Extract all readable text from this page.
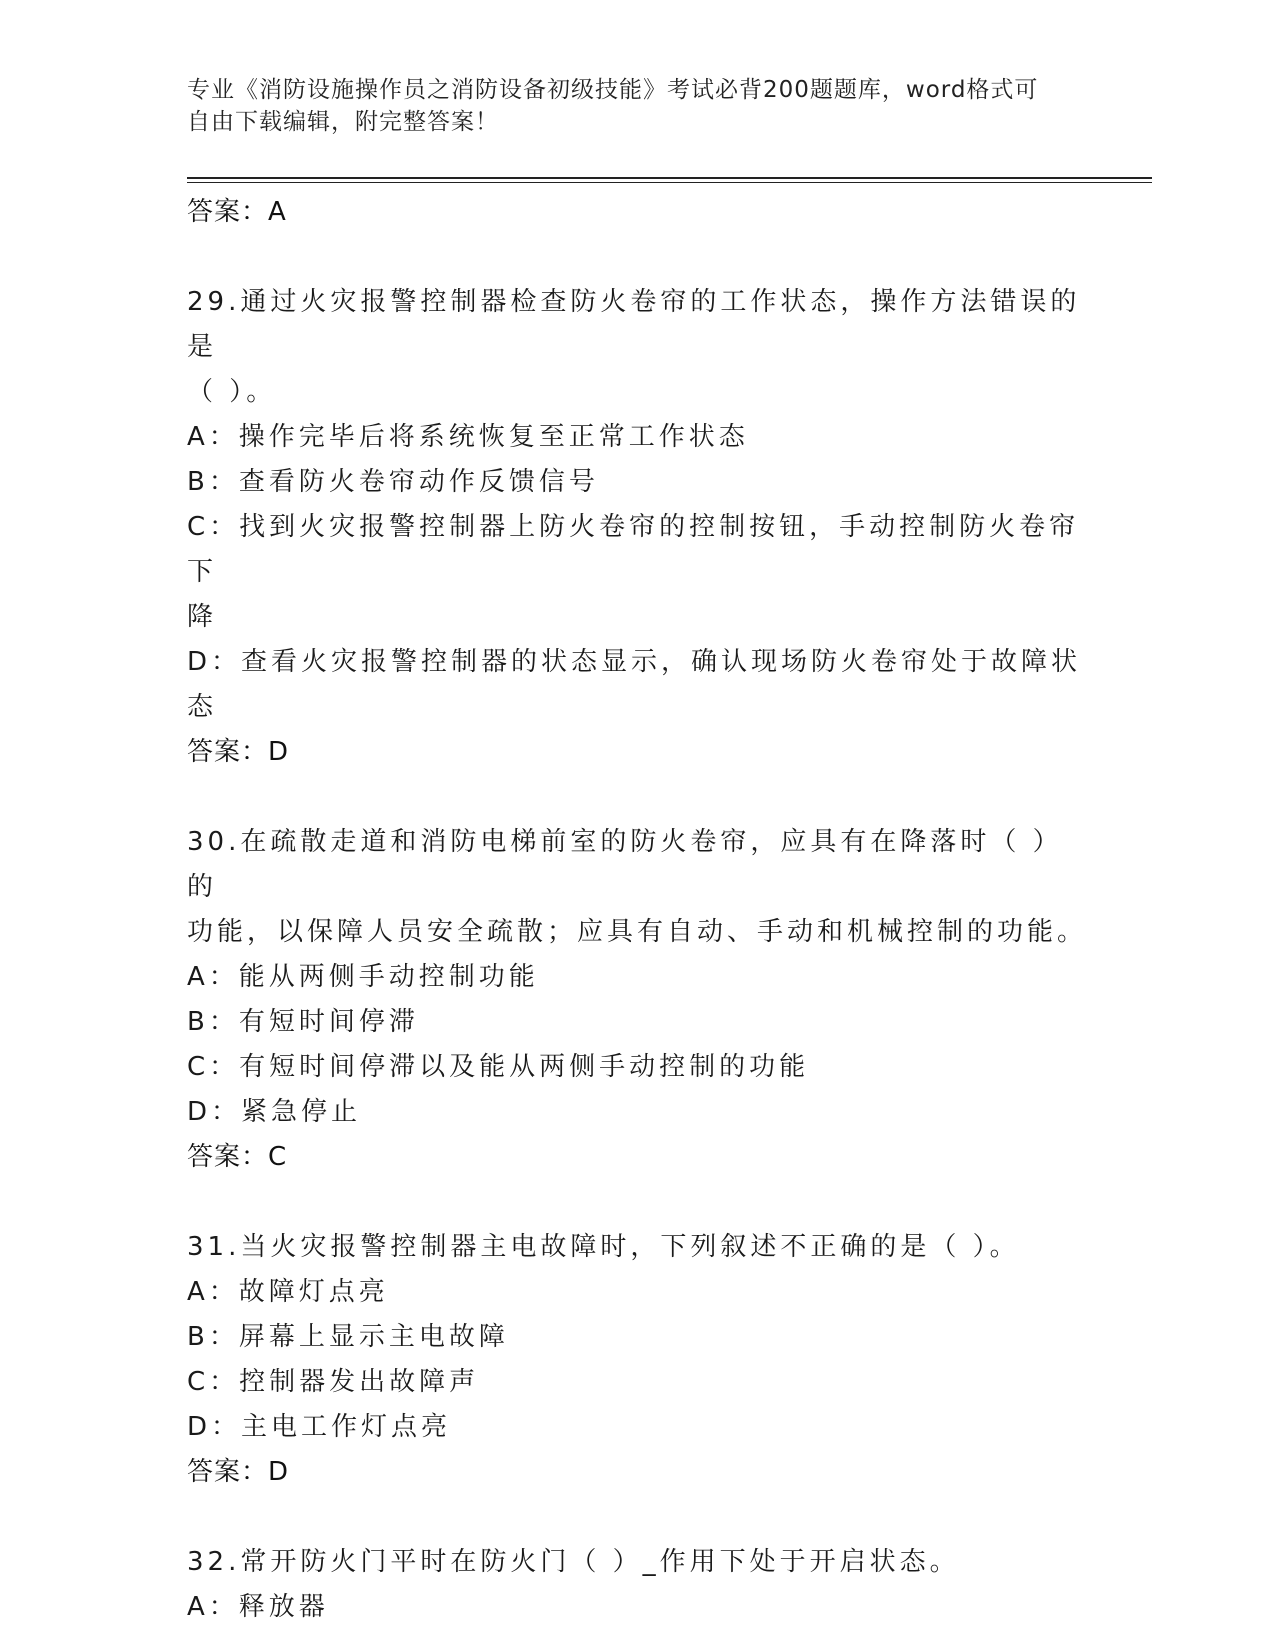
专业《消防设施操作员之消防设备初级技能》考试必背200题题库，word格式可
自由下载编辑，附完整答案！
答案：A
29.通过火灾报警控制器检查防火卷帘的工作状态，操作方法错误的是
（ ）。
A：操作完毕后将系统恢复至正常工作状态
B：查看防火卷帘动作反馈信号
C：找到火灾报警控制器上防火卷帘的控制按钮，手动控制防火卷帘下
降
D：查看火灾报警控制器的状态显示，确认现场防火卷帘处于故障状态
答案：D
30.在疏散走道和消防电梯前室的防火卷帘，应具有在降落时（ ）的
功能，以保障人员安全疏散；应具有自动、手动和机械控制的功能。
A：能从两侧手动控制功能
B：有短时间停滞
C：有短时间停滞以及能从两侧手动控制的功能
D：紧急停止
答案：C
31.当火灾报警控制器主电故障时，下列叙述不正确的是（ ）。
A：故障灯点亮
B：屏幕上显示主电故障
C：控制器发出故障声
D：主电工作灯点亮
答案：D
32.常开防火门平时在防火门（ ）_作用下处于开启状态。
A：释放器
